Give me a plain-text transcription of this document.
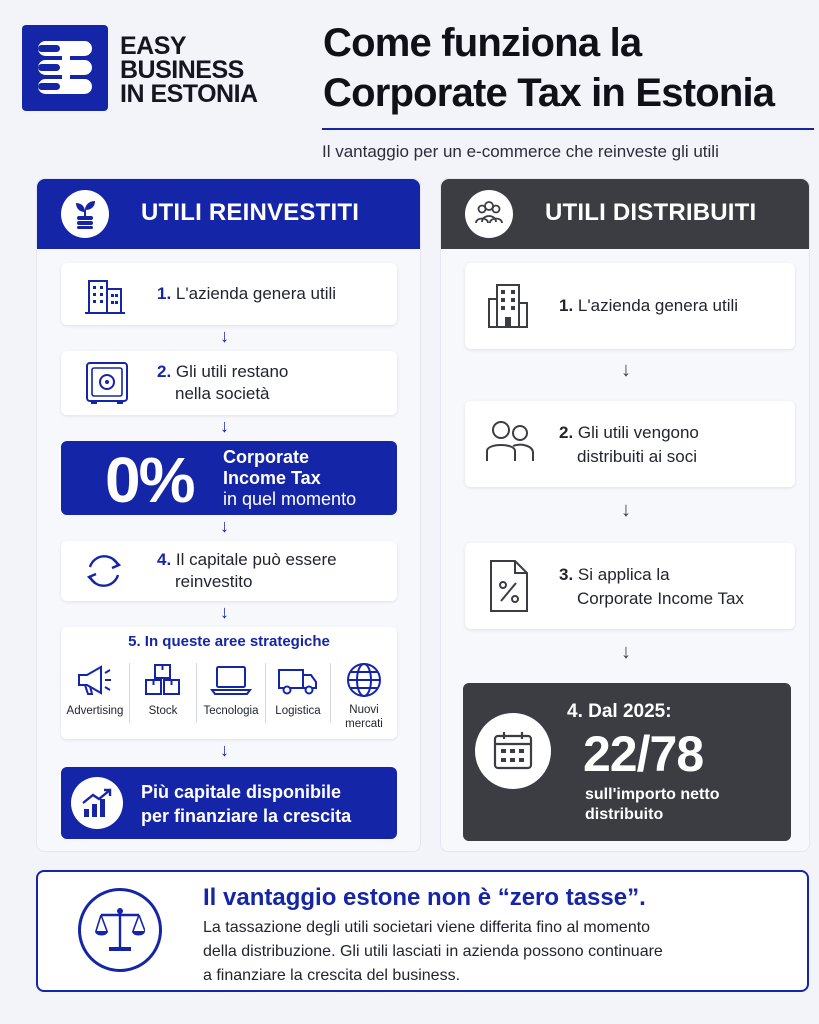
EASY
BUSINESS
IN ESTONIA
Come funziona la
Corporate Tax in Estonia
Il vantaggio per un e-commerce che reinveste gli utili
UTILI REINVESTITI
1. L'azienda genera utili
↓
2. Gli utili restano
nella società
↓
0% Corporate
Income Tax
in quel momento
↓
4. Il capitale può essere
reinvestito
↓
5. In queste aree strategiche
Advertising	Stock	Tecnologia	Logistica	Nuovi
mercati
↓
Più capitale disponibile
per finanziare la crescita
UTILI DISTRIBUITI
1. L'azienda genera utili
↓
2. Gli utili vengono
distribuiti ai soci
↓
3. Si applica la
Corporate Income Tax
↓
4. Dal 2025:
22/78
sull'importo netto
distribuito
Il vantaggio estone non è “zero tasse”.
La tassazione degli utili societari viene differita fino al momento
della distribuzione. Gli utili lasciati in azienda possono continuare
a finanziare la crescita del business.
